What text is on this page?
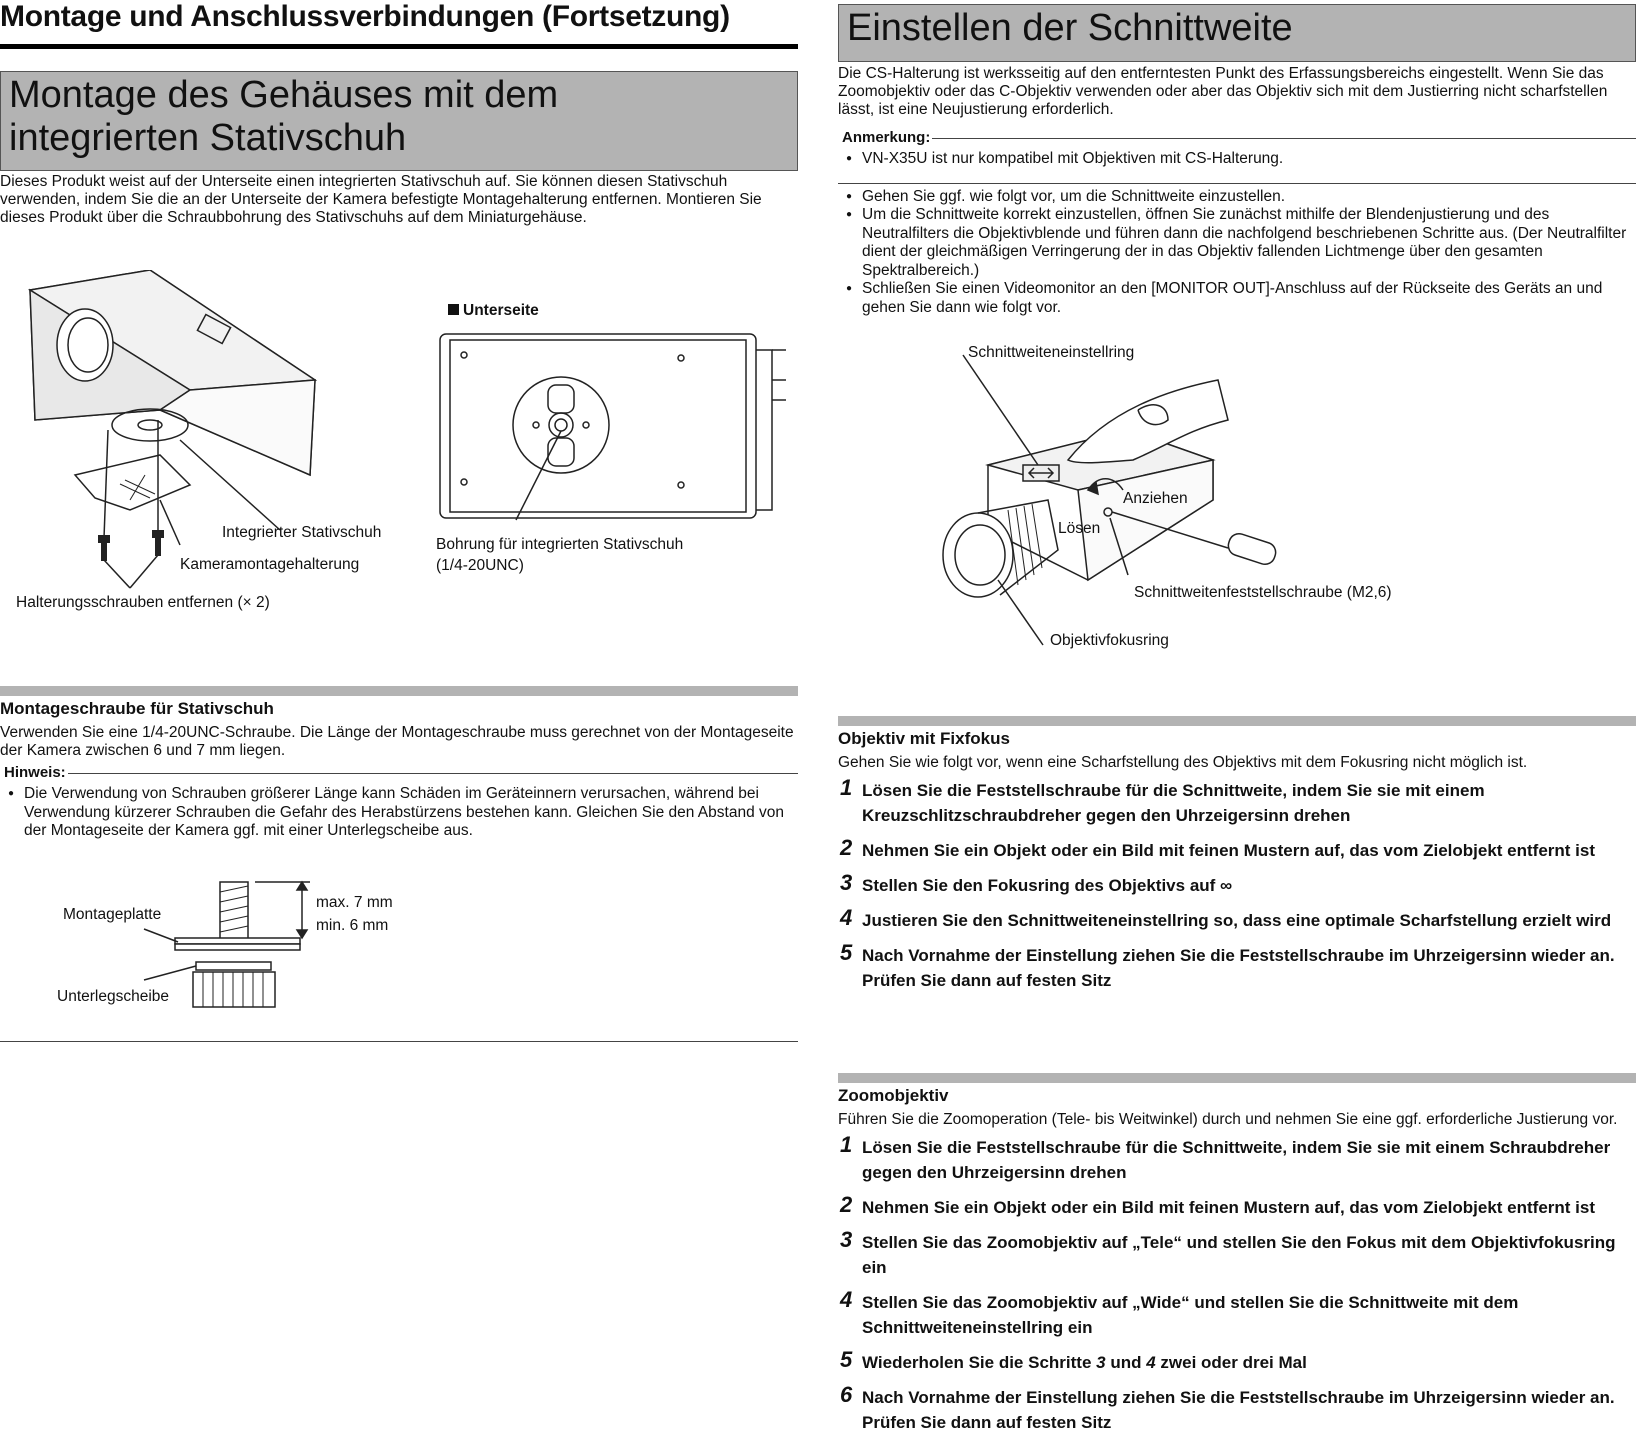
Montage und Anschlussverbindungen (Fortsetzung)
Montage des Gehäuses mit dem
integrierten Stativschuh

Dieses Produkt weist auf der Unterseite einen integrierten Stativschuh auf. Sie können diesen Stativschuh verwenden, indem Sie die an der Unterseite der Kamera befestigte Montagehalterung entfernen. Montieren Sie dieses Produkt über die Schraubbohrung des Stativschuhs auf dem Miniaturgehäuse.

Integrierter Stativschuh
Kameramontagehalterung
Halterungsschrauben entfernen (× 2)
Unterseite
Bohrung für integrierten Stativschuh
(1/4-20UNC)
Montageschraube für Stativschuh

Verwenden Sie eine 1/4-20UNC-Schraube. Die Länge der Montageschraube muss gerechnet von der Montageseite der Kamera zwischen 6 und 7 mm liegen.

Hinweis:
● Die Verwendung von Schrauben größerer Länge kann Schäden im Geräteinnern verursachen, während bei Verwendung kürzerer Schrauben die Gefahr des Herabstürzens bestehen kann. Gleichen Sie den Abstand von der Montageseite der Kamera ggf. mit einer Unterlegscheibe aus.
Montageplatte
Unterlegscheibe
max. 7 mm
min. 6 mm
Einstellen der Schnittweite

Die CS-Halterung ist werksseitig auf den entferntesten Punkt des Erfassungsbereichs eingestellt. Wenn Sie das Zoomobjektiv oder das C-Objektiv verwenden oder aber das Objektiv sich mit dem Justierring nicht scharfstellen lässt, ist eine Neujustierung erforderlich.

Anmerkung:
● VN-X35U ist nur kompatibel mit Objektiven mit CS-Halterung.
● Gehen Sie ggf. wie folgt vor, um die Schnittweite einzustellen.
● Um die Schnittweite korrekt einzustellen, öffnen Sie zunächst mithilfe der Blendenjustierung und des Neutralfilters die Objektivblende und führen dann die nachfolgend beschriebenen Schritte aus. (Der Neutralfilter dient der gleichmäßigen Verringerung der in das Objektiv fallenden Lichtmenge über den gesamten Spektralbereich.)
● Schließen Sie einen Videomonitor an den [MONITOR OUT]-Anschluss auf der Rückseite des Geräts an und gehen Sie dann wie folgt vor.
Schnittweiteneinstellring
Anziehen
Lösen
Schnittweitenfeststellschraube (M2,6)
Objektivfokusring
Objektiv mit Fixfokus

Gehen Sie wie folgt vor, wenn eine Scharfstellung des Objektivs mit dem Fokusring nicht möglich ist.

1 Lösen Sie die Feststellschraube für die Schnittweite, indem Sie sie mit einem Kreuzschlitzschraubdreher gegen den Uhrzeigersinn drehen
2 Nehmen Sie ein Objekt oder ein Bild mit feinen Mustern auf, das vom Zielobjekt entfernt ist
3 Stellen Sie den Fokusring des Objektivs auf ∞
4 Justieren Sie den Schnittweiteneinstellring so, dass eine optimale Scharfstellung erzielt wird
5 Nach Vornahme der Einstellung ziehen Sie die Feststellschraube im Uhrzeigersinn wieder an. Prüfen Sie dann auf festen Sitz
Zoomobjektiv

Führen Sie die Zoomoperation (Tele- bis Weitwinkel) durch und nehmen Sie eine ggf. erforderliche Justierung vor.

1 Lösen Sie die Feststellschraube für die Schnittweite, indem Sie sie mit einem Schraubdreher gegen den Uhrzeigersinn drehen
2 Nehmen Sie ein Objekt oder ein Bild mit feinen Mustern auf, das vom Zielobjekt entfernt ist
3 Stellen Sie das Zoomobjektiv auf „Tele“ und stellen Sie den Fokus mit dem Objektivfokusring ein
4 Stellen Sie das Zoomobjektiv auf „Wide“ und stellen Sie die Schnittweite mit dem Schnittweiteneinstellring ein
5 Wiederholen Sie die Schritte 3 und 4 zwei oder drei Mal
6 Nach Vornahme der Einstellung ziehen Sie die Feststellschraube im Uhrzeigersinn wieder an. Prüfen Sie dann auf festen Sitz
